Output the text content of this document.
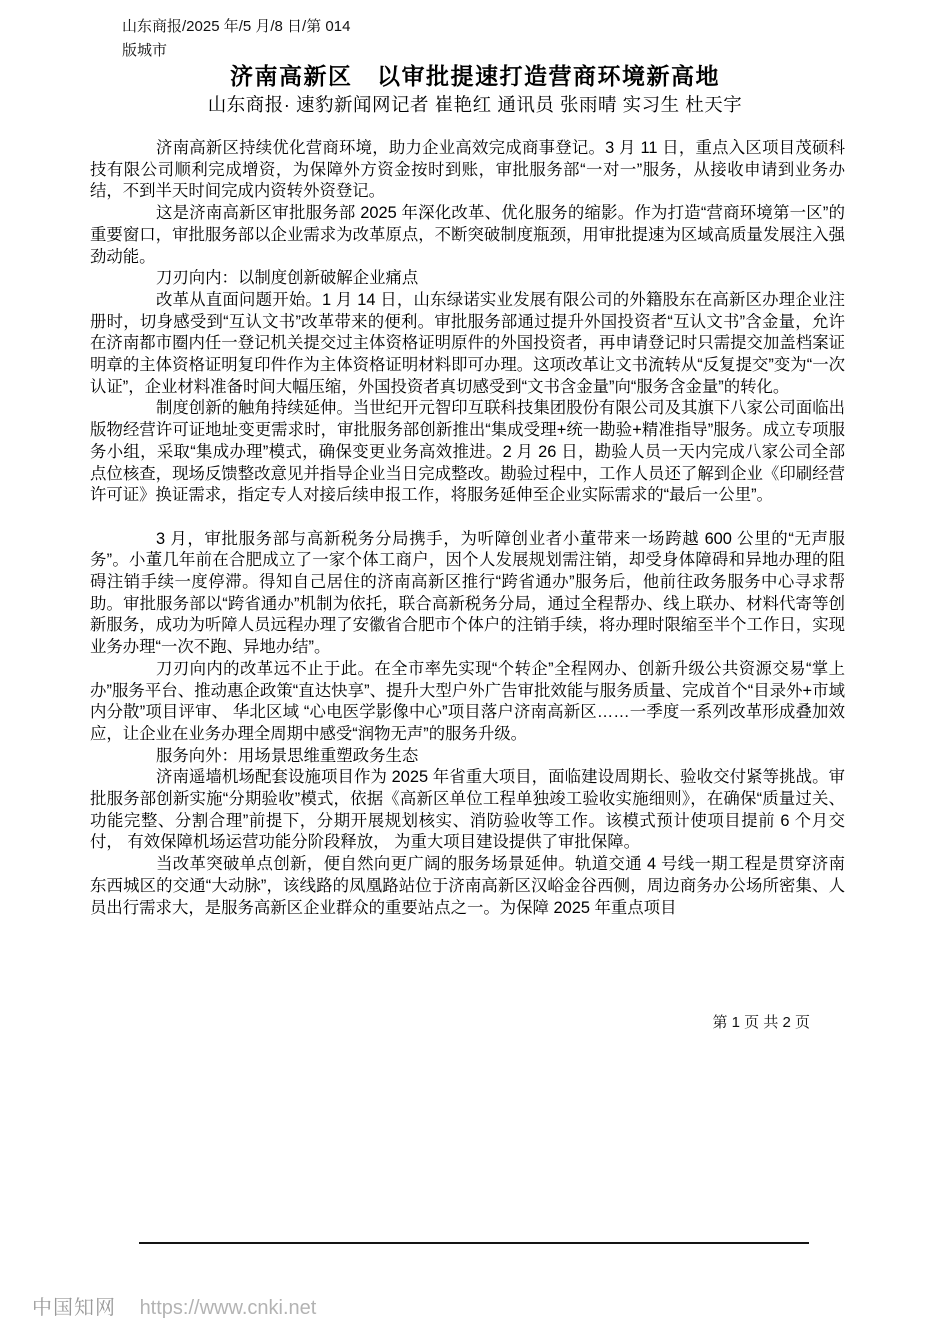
山东商报/2025 年/5 月/8 日/第 014
版城市
济南高新区　以审批提速打造营商环境新高地
山东商报· 速豹新闻网记者 崔艳红 通讯员 张雨晴 实习生 杜天宇
济南高新区持续优化营商环境，助力企业高效完成商事登记。3 月 11 日，重点入区项目茂硕科技有限公司顺利完成增资，为保障外方资金按时到账，审批服务部“一对一”服务，从接收申请到业务办结，不到半天时间完成内资转外资登记。
这是济南高新区审批服务部 2025 年深化改革、优化服务的缩影。作为打造“营商环境第一区”的重要窗口，审批服务部以企业需求为改革原点，不断突破制度瓶颈，用审批提速为区域高质量发展注入强劲动能。
刀刃向内：以制度创新破解企业痛点
改革从直面问题开始。1 月 14 日，山东绿诺实业发展有限公司的外籍股东在高新区办理企业注册时，切身感受到“互认文书”改革带来的便利。审批服务部通过提升外国投资者“互认文书”含金量，允许在济南都市圈内任一登记机关提交过主体资格证明原件的外国投资者，再申请登记时只需提交加盖档案证明章的主体资格证明复印件作为主体资格证明材料即可办理。这项改革让文书流转从“反复提交”变为“一次认证”，企业材料准备时间大幅压缩，外国投资者真切感受到“文书含金量”向“服务含金量”的转化。
制度创新的触角持续延伸。当世纪开元智印互联科技集团股份有限公司及其旗下八家公司面临出版物经营许可证地址变更需求时，审批服务部创新推出“集成受理+统一勘验+精准指导”服务。成立专项服务小组，采取“集成办理”模式，确保变更业务高效推进。2 月 26 日，勘验人员一天内完成八家公司全部点位核查，现场反馈整改意见并指导企业当日完成整改。勘验过程中，工作人员还了解到企业《印刷经营许可证》换证需求，指定专人对接后续申报工作，将服务延伸至企业实际需求的“最后一公里”。
3 月，审批服务部与高新税务分局携手，为听障创业者小董带来一场跨越 600 公里的“无声服务”。小董几年前在合肥成立了一家个体工商户，因个人发展规划需注销，却受身体障碍和异地办理的阻碍注销手续一度停滞。得知自己居住的济南高新区推行“跨省通办”服务后，他前往政务服务中心寻求帮助。审批服务部以“跨省通办”机制为依托，联合高新税务分局，通过全程帮办、线上联办、材料代寄等创新服务，成功为听障人员远程办理了安徽省合肥市个体户的注销手续，将办理时限缩至半个工作日，实现业务办理“一次不跑、异地办结”。
刀刃向内的改革远不止于此。在全市率先实现“个转企”全程网办、创新升级公共资源交易“掌上办”服务平台、推动惠企政策“直达快享”、提升大型户外广告审批效能与服务质量、完成首个“目录外+市域内分散”项目评审、 华北区域 “心电医学影像中心”项目落户济南高新区……一季度一系列改革形成叠加效应，让企业在业务办理全周期中感受“润物无声”的服务升级。
服务向外：用场景思维重塑政务生态
济南遥墙机场配套设施项目作为 2025 年省重大项目，面临建设周期长、验收交付紧等挑战。审批服务部创新实施“分期验收”模式，依据《高新区单位工程单独竣工验收实施细则》，在确保“质量过关、功能完整、分割合理”前提下，分期开展规划核实、消防验收等工作。该模式预计使项目提前 6 个月交付， 有效保障机场运营功能分阶段释放， 为重大项目建设提供了审批保障。
当改革突破单点创新，便自然向更广阔的服务场景延伸。轨道交通 4 号线一期工程是贯穿济南东西城区的交通“大动脉”，该线路的凤凰路站位于济南高新区汉峪金谷西侧，周边商务办公场所密集、人员出行需求大，是服务高新区企业群众的重要站点之一。为保障 2025 年重点项目
第 1 页 共 2 页
中国知网 https://www.cnki.net
